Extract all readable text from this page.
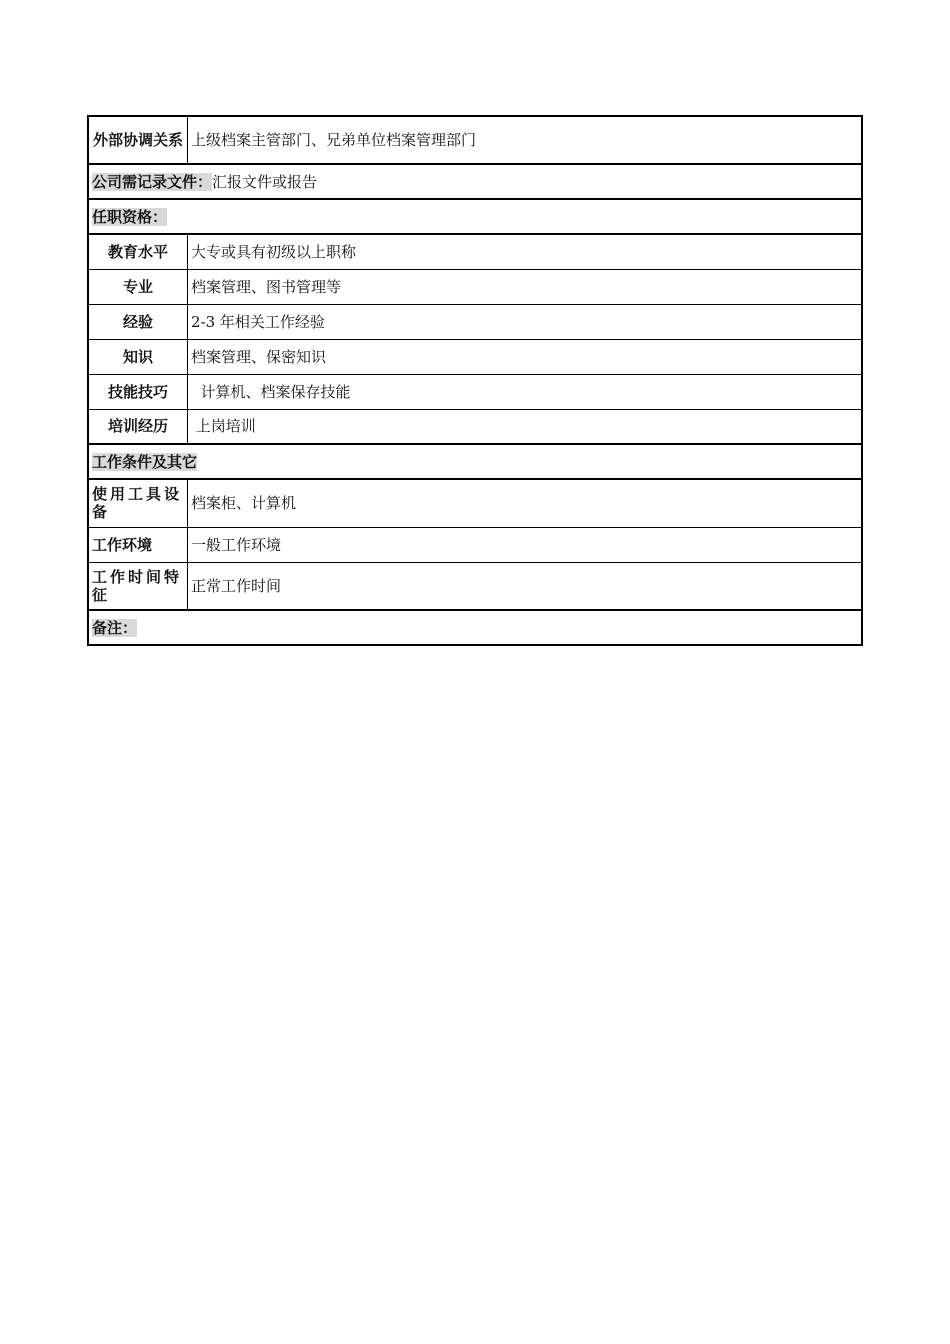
外部协调关系	上级档案主管部门、兄弟单位档案管理部门
公司需记录文件：汇报文件或报告	
任职资格：	
教育水平	大专或具有初级以上职称
专业	档案管理、图书管理等
经验	2-3 年相关工作经验
知识	档案管理、保密知识
技能技巧	计算机、档案保存技能
培训经历	上岗培训
工作条件及其它	
使用工具设备	档案柜、计算机
工作环境	一般工作环境
工作时间特征	正常工作时间
备注：	
